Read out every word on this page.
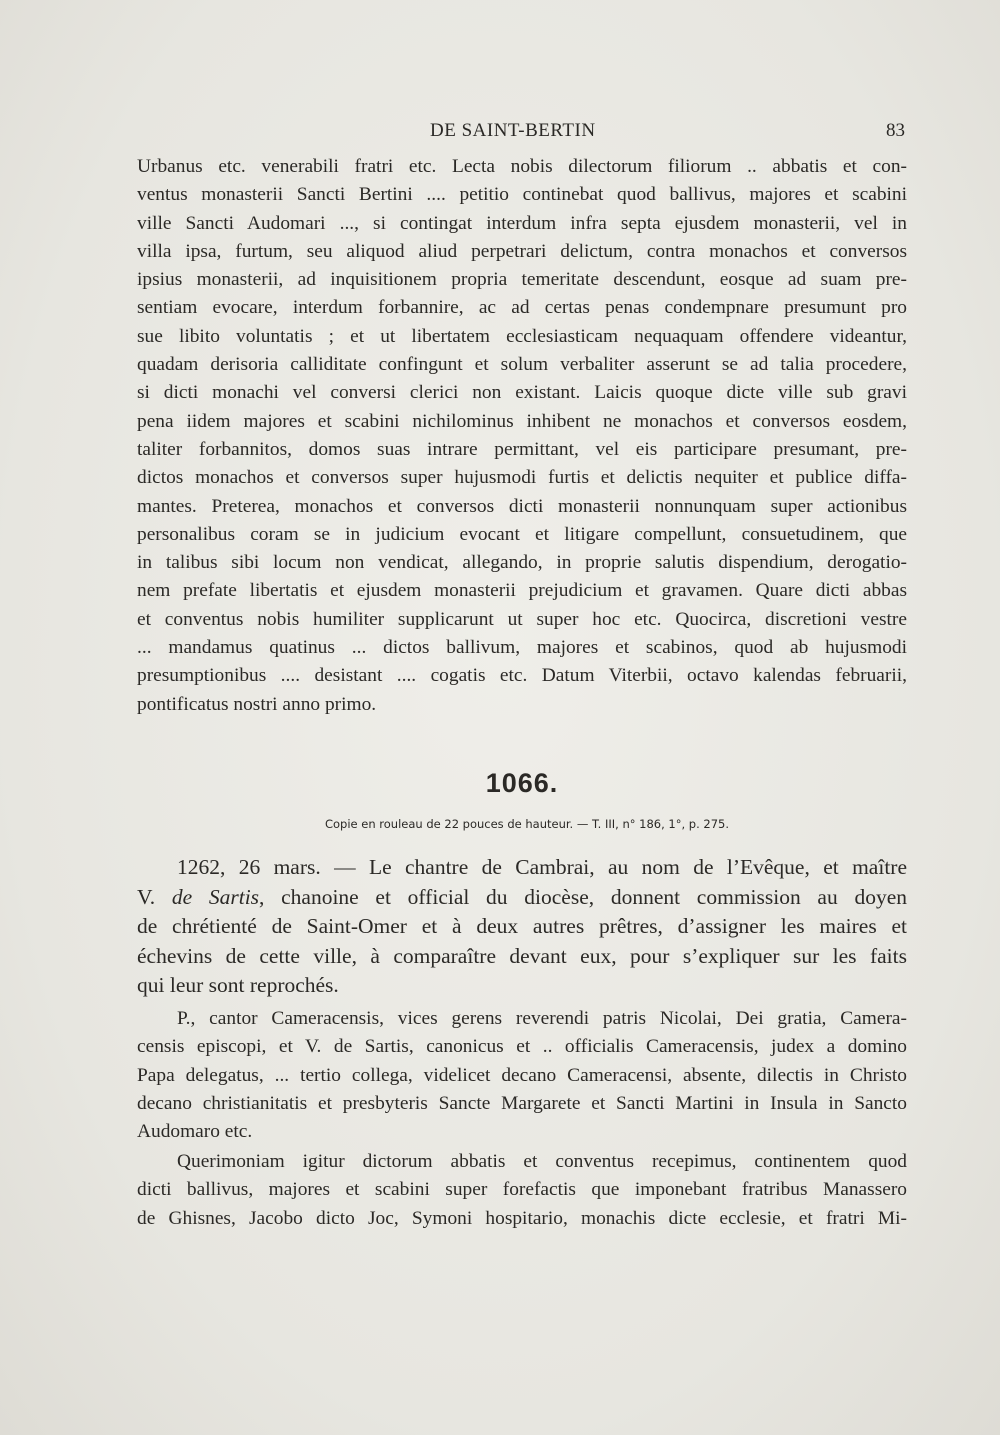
DE SAINT-BERTIN	83
Urbanus etc. venerabili fratri etc. Lecta nobis dilectorum filiorum .. abbatis et con-
ventus monasterii Sancti Bertini .... petitio continebat quod ballivus, majores et scabini
ville Sancti Audomari ..., si contingat interdum infra septa ejusdem monasterii, vel in
villa ipsa, furtum, seu aliquod aliud perpetrari delictum, contra monachos et conversos
ipsius monasterii, ad inquisitionem propria temeritate descendunt, eosque ad suam pre-
sentiam evocare, interdum forbannire, ac ad certas penas condempnare presumunt pro
sue libito voluntatis ; et ut libertatem ecclesiasticam nequaquam offendere videantur,
quadam derisoria calliditate confingunt et solum verbaliter asserunt se ad talia procedere,
si dicti monachi vel conversi clerici non existant. Laicis quoque dicte ville sub gravi
pena iidem majores et scabini nichilominus inhibent ne monachos et conversos eosdem,
taliter forbannitos, domos suas intrare permittant, vel eis participare presumant, pre-
dictos monachos et conversos super hujusmodi furtis et delictis nequiter et publice diffa-
mantes. Preterea, monachos et conversos dicti monasterii nonnunquam super actionibus
personalibus coram se in judicium evocant et litigare compellunt, consuetudinem, que
in talibus sibi locum non vendicat, allegando, in proprie salutis dispendium, derogatio-
nem prefate libertatis et ejusdem monasterii prejudicium et gravamen. Quare dicti abbas
et conventus nobis humiliter supplicarunt ut super hoc etc. Quocirca, discretioni vestre
... mandamus quatinus ... dictos ballivum, majores et scabinos, quod ab hujusmodi
presumptionibus .... desistant .... cogatis etc. Datum Viterbii, octavo kalendas februarii,
pontificatus nostri anno primo.
1066.
Copie en rouleau de 22 pouces de hauteur. — T. III, n° 186, 1°, p. 275.
1262, 26 mars. — Le chantre de Cambrai, au nom de l’Evêque, et maître
V. de Sartis, chanoine et official du diocèse, donnent commission au doyen
de chrétienté de Saint-Omer et à deux autres prêtres, d’assigner les maires et
échevins de cette ville, à comparaître devant eux, pour s’expliquer sur les faits
qui leur sont reprochés.
P., cantor Cameracensis, vices gerens reverendi patris Nicolai, Dei gratia, Camera-
censis episcopi, et V. de Sartis, canonicus et .. officialis Cameracensis, judex a domino
Papa delegatus, ... tertio collega, videlicet decano Cameracensi, absente, dilectis in Christo
decano christianitatis et presbyteris Sancte Margarete et Sancti Martini in Insula in Sancto
Audomaro etc.
Querimoniam igitur dictorum abbatis et conventus recepimus, continentem quod
dicti ballivus, majores et scabini super forefactis que imponebant fratribus Manassero
de Ghisnes, Jacobo dicto Joc, Symoni hospitario, monachis dicte ecclesie, et fratri Mi-
